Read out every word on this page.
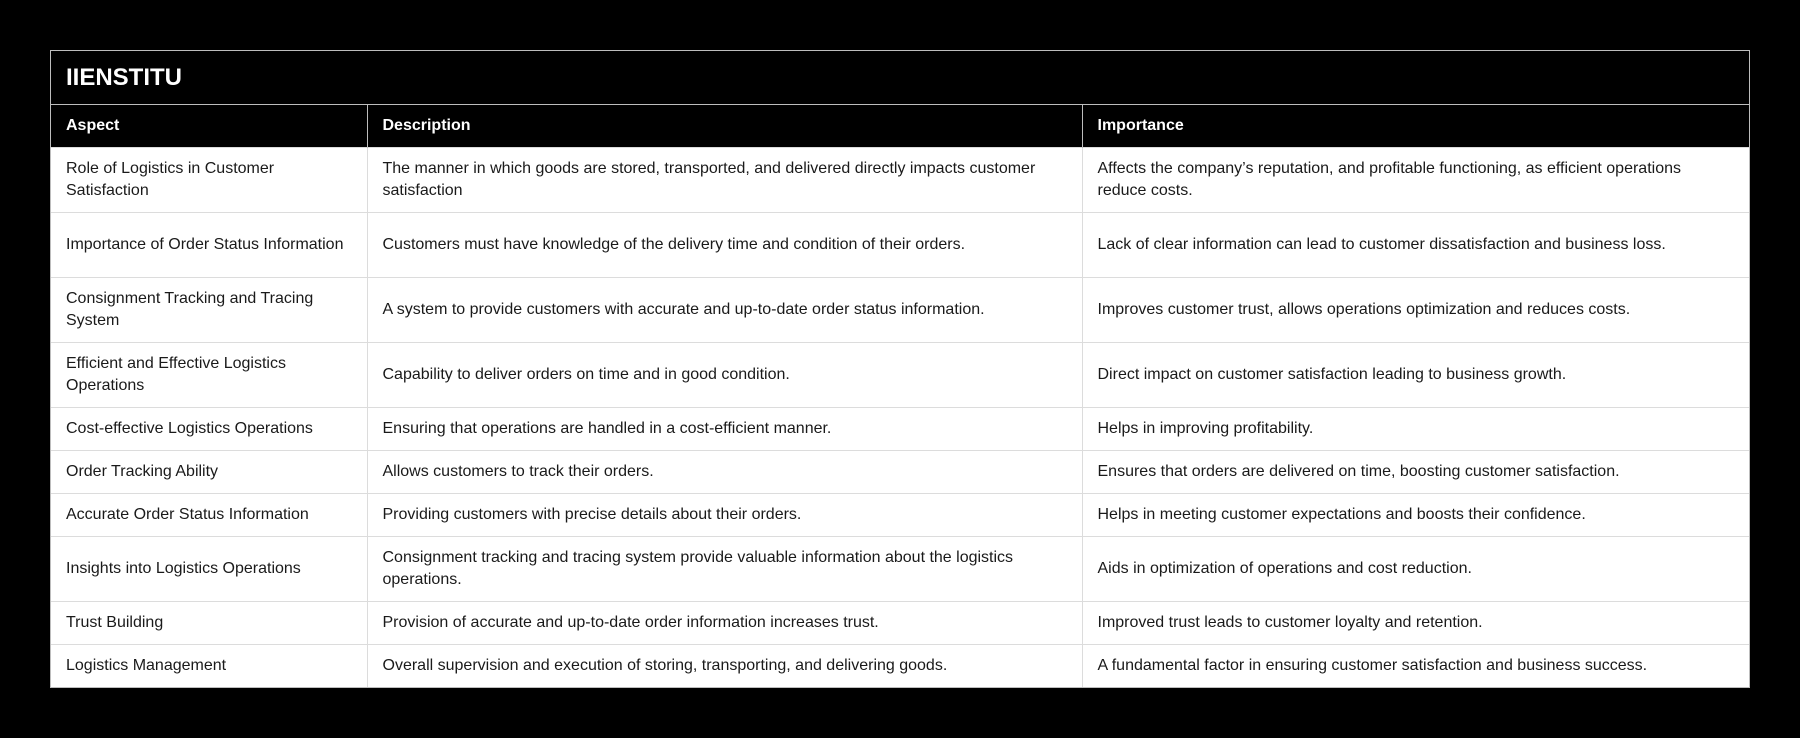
IIENSTITU
Aspect	Description	Importance
Role of Logistics in Customer Satisfaction	The manner in which goods are stored, transported, and delivered directly impacts customer satisfaction	Affects the company’s reputation, and profitable functioning, as efficient operations reduce costs.
Importance of Order Status Information	Customers must have knowledge of the delivery time and condition of their orders.	Lack of clear information can lead to customer dissatisfaction and business loss.
Consignment Tracking and Tracing System	A system to provide customers with accurate and up-to-date order status information.	Improves customer trust, allows operations optimization and reduces costs.
Efficient and Effective Logistics Operations	Capability to deliver orders on time and in good condition.	Direct impact on customer satisfaction leading to business growth.
Cost-effective Logistics Operations	Ensuring that operations are handled in a cost-efficient manner.	Helps in improving profitability.
Order Tracking Ability	Allows customers to track their orders.	Ensures that orders are delivered on time, boosting customer satisfaction.
Accurate Order Status Information	Providing customers with precise details about their orders.	Helps in meeting customer expectations and boosts their confidence.
Insights into Logistics Operations	Consignment tracking and tracing system provide valuable information about the logistics operations.	Aids in optimization of operations and cost reduction.
Trust Building	Provision of accurate and up-to-date order information increases trust.	Improved trust leads to customer loyalty and retention.
Logistics Management	Overall supervision and execution of storing, transporting, and delivering goods.	A fundamental factor in ensuring customer satisfaction and business success.
